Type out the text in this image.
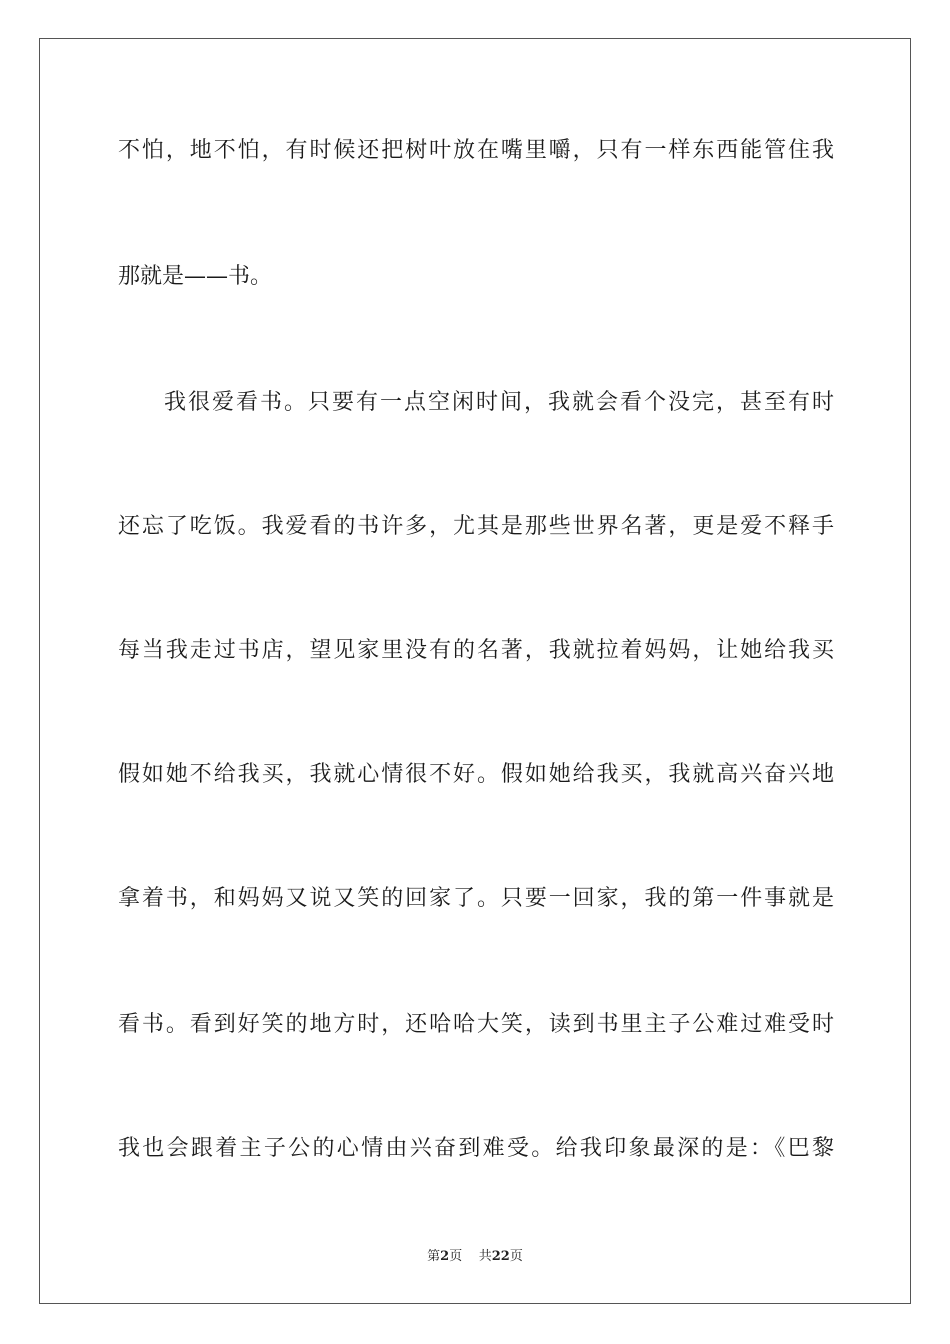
不怕，地不怕，有时候还把树叶放在嘴里嚼，只有一样东西能管住我
那就是——书。
我很爱看书。只要有一点空闲时间，我就会看个没完，甚至有时
还忘了吃饭。我爱看的书许多，尤其是那些世界名著，更是爱不释手
每当我走过书店，望见家里没有的名著，我就拉着妈妈，让她给我买
假如她不给我买，我就心情很不好。假如她给我买，我就高兴奋兴地
拿着书，和妈妈又说又笑的回家了。只要一回家，我的第一件事就是
看书。看到好笑的地方时，还哈哈大笑，读到书里主子公难过难受时
我也会跟着主子公的心情由兴奋到难受。给我印象最深的是：《巴黎
第2页 共22页
